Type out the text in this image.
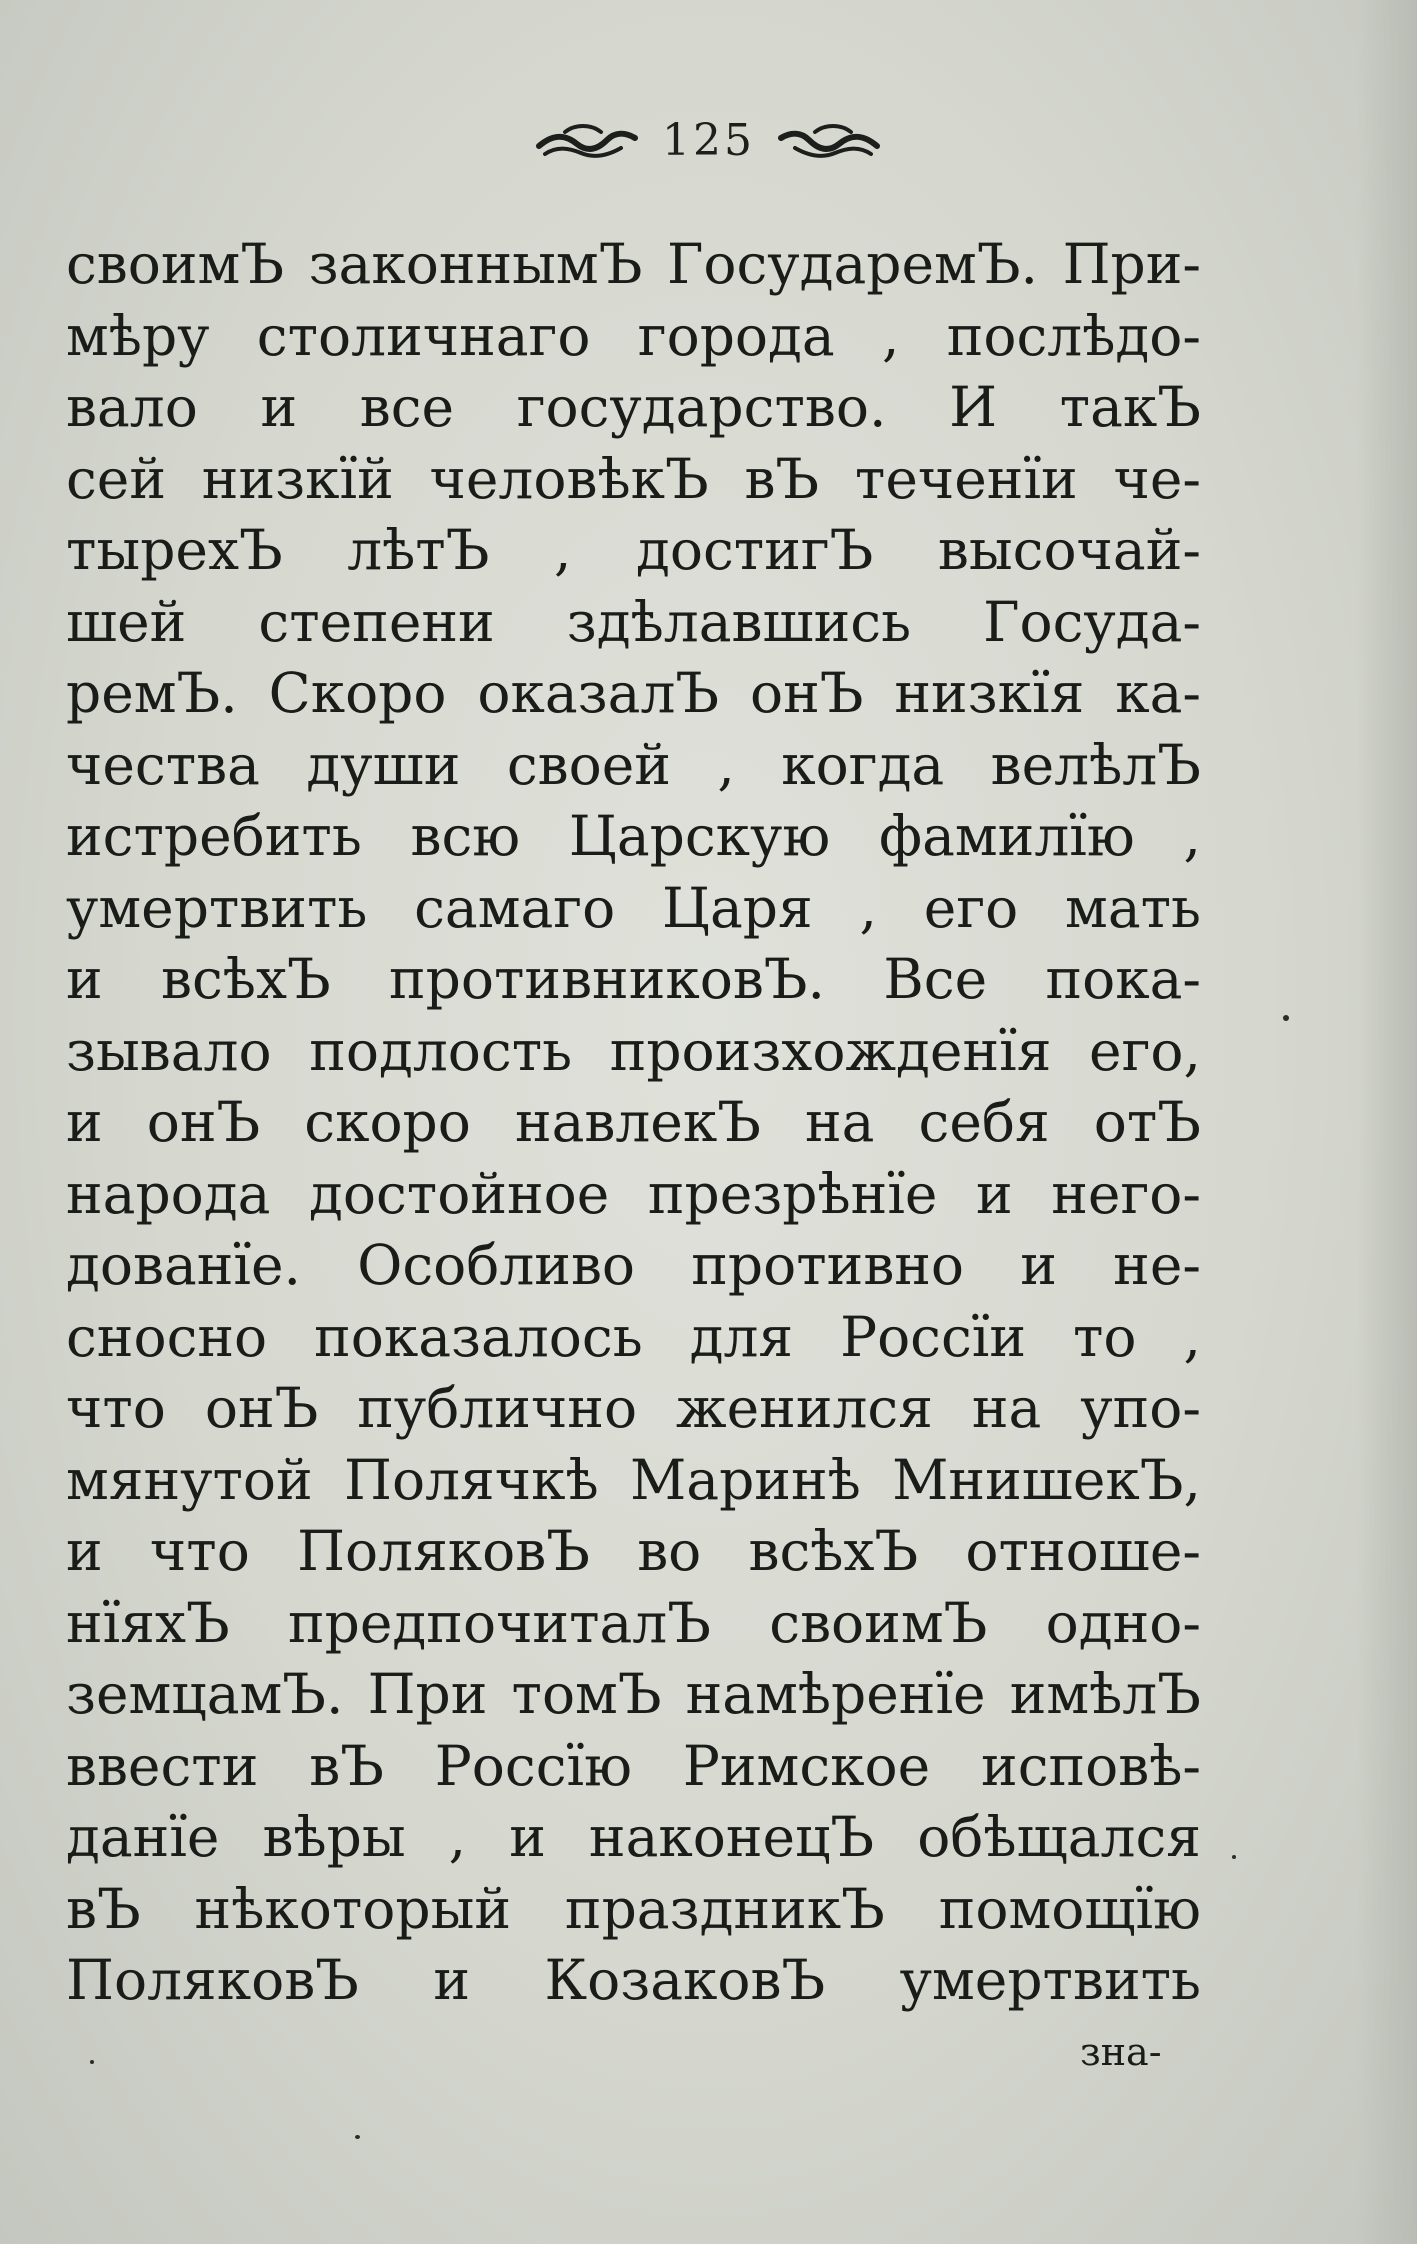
125
своимЪ законнымЪ ГосударемЪ. При-
мѣру столичнаго города , послѣдо-
вало и все государство. И такЪ
сей низкїй человѣкЪ вЪ теченїи че-
тырехЪ лѣтЪ , достигЪ высочай-
шей степени здѣлавшись Госуда-
ремЪ. Скоро оказалЪ онЪ низкїя ка-
чества души своей , когда велѣлЪ
истребить всю Царскую фамилїю ,
умертвить самаго Царя , его мать
и всѣхЪ противниковЪ. Все пока-
зывало подлость произхожденїя его,
и онЪ скоро навлекЪ на себя отЪ
народа достойное презрѣнїе и него-
дованїе. Особливо противно и не-
сносно показалось для Россїи то ,
что онЪ публично женился на упо-
мянутой Полячкѣ Маринѣ МнишекЪ,
и что ПоляковЪ во всѣхЪ отноше-
нїяхЪ предпочиталЪ своимЪ одно-
земцамЪ. При томЪ намѣренїе имѣлЪ
ввести вЪ Россїю Римское исповѣ-
данїе вѣры , и наконецЪ обѣщался
вЪ нѣкоторый праздникЪ помощїю
ПоляковЪ и КозаковЪ умертвить
зна-
